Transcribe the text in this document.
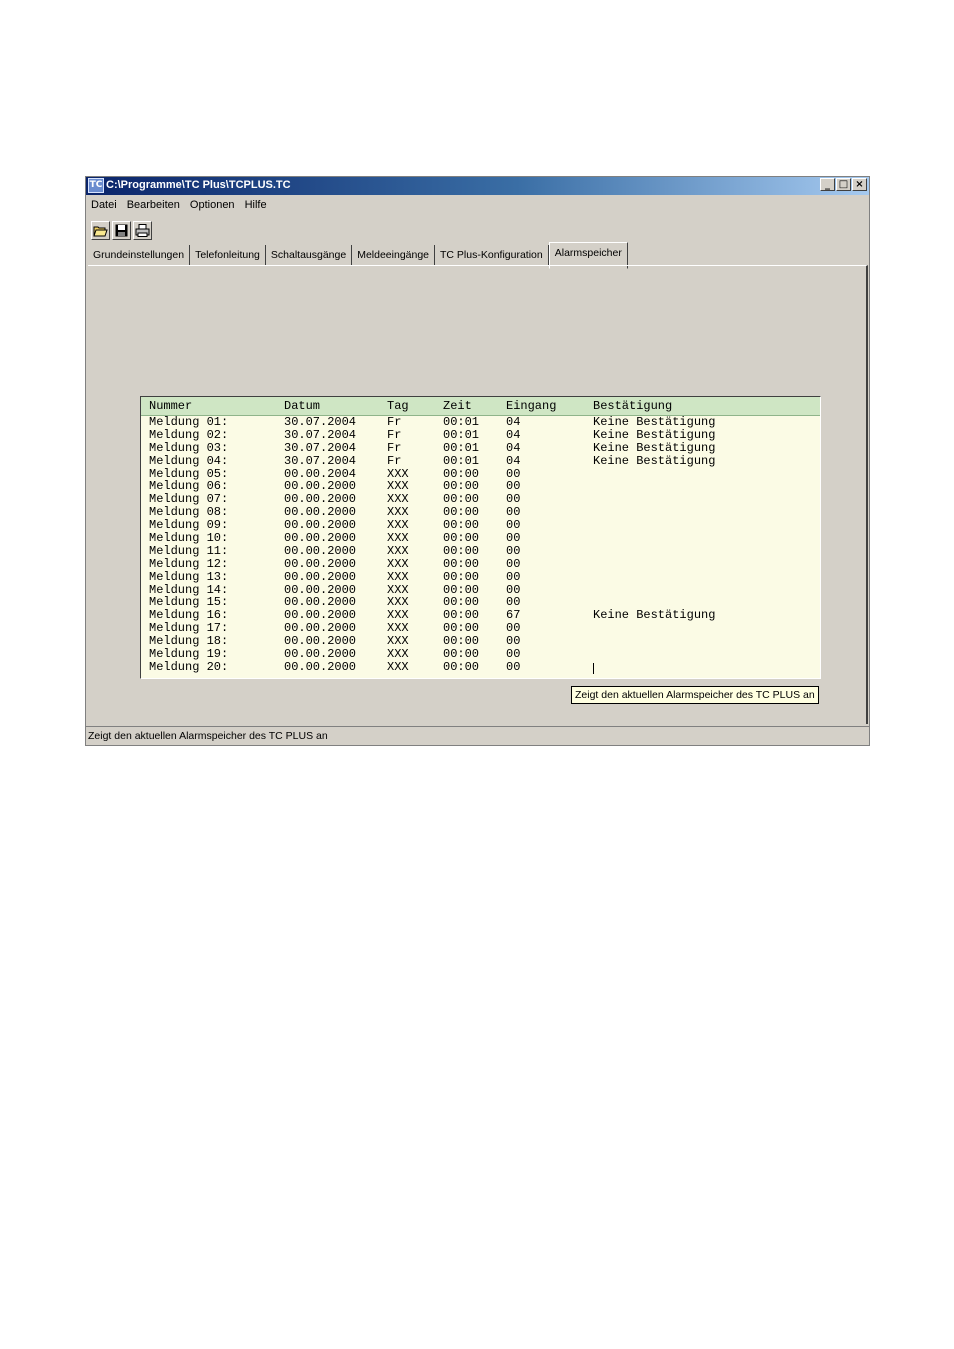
TC C:\Programme\TC Plus\TCPLUS.TC	_ □ ×
Datei Bearbeiten Optionen Hilfe
Grundeinstellungen	Telefonleitung	Schaltausgänge	Meldeeingänge	TC Plus-Konfiguration	Alarmspeicher
Nummer	Datum	Tag	Zeit	Eingang	Bestätigung
Meldung 01:	30.07.2004	Fr	00:01 04	Keine Bestätigung
Meldung 02:	30.07.2004	Fr	00:01 04	Keine Bestätigung
Meldung 03:	30.07.2004	Fr	00:01 04	Keine Bestätigung
Meldung 04:	30.07.2004	Fr	00:01 04	Keine Bestätigung
Meldung 05:	00.00.2004	XXX	00:00 00
Meldung 06:	00.00.2000	XXX	00:00 00
Meldung 07:	00.00.2000	XXX	00:00 00
Meldung 08:	00.00.2000	XXX	00:00 00
Meldung 09:	00.00.2000	XXX	00:00 00
Meldung 10:	00.00.2000	XXX	00:00 00
Meldung 11:	00.00.2000	XXX	00:00 00
Meldung 12:	00.00.2000	XXX	00:00 00
Meldung 13:	00.00.2000	XXX	00:00 00
Meldung 14:	00.00.2000	XXX	00:00 00
Meldung 15:	00.00.2000	XXX	00:00 00
Meldung 16:	00.00.2000	XXX	00:00 67	Keine Bestätigung
Meldung 17:	00.00.2000	XXX	00:00 00
Meldung 18:	00.00.2000	XXX	00:00 00
Meldung 19:	00.00.2000	XXX	00:00 00
Meldung 20:	00.00.2000	XXX	00:00 00
Zeigt den aktuellen Alarmspeicher des TC PLUS an
Zeigt den aktuellen Alarmspeicher des TC PLUS an
